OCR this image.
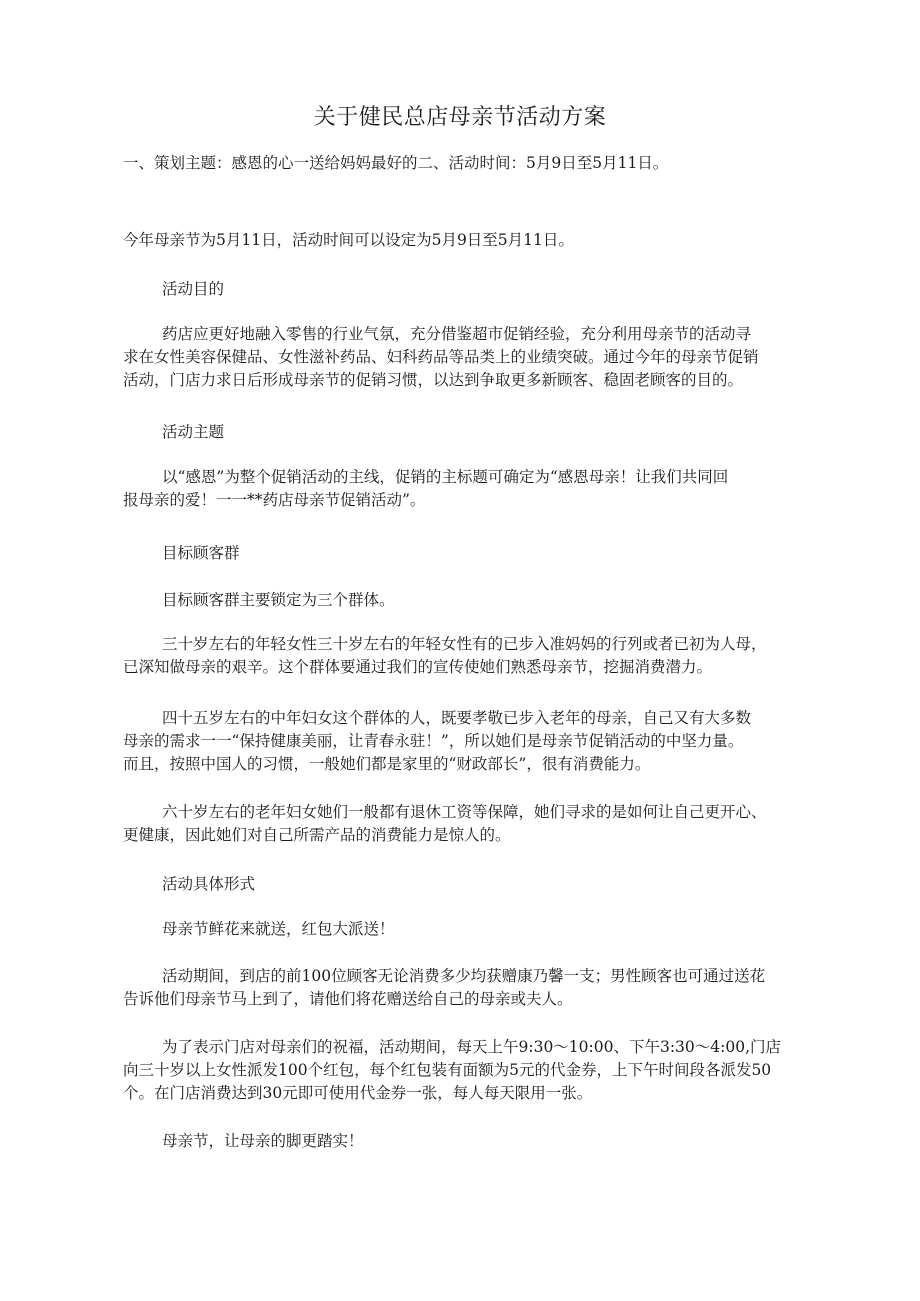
关于健民总店母亲节活动方案

一、策划主题：感恩的心一送给妈妈最好的二、活动时间：5月9日至5月11日。

今年母亲节为5月11日，活动时间可以设定为5月9日至5月11日。

活动目的

药店应更好地融入零售的行业气氛，充分借鉴超市促销经验，充分利用母亲节的活动寻
求在女性美容保健品、女性滋补药品、妇科药品等品类上的业绩突破。通过今年的母亲节促销
活动，门店力求日后形成母亲节的促销习惯，以达到争取更多新顾客、稳固老顾客的目的。

活动主题

以“感恩”为整个促销活动的主线，促销的主标题可确定为“感恩母亲！让我们共同回
报母亲的爱！一一**药店母亲节促销活动”。

目标顾客群

目标顾客群主要锁定为三个群体。

三十岁左右的年轻女性三十岁左右的年轻女性有的已步入准妈妈的行列或者已初为人母，
已深知做母亲的艰辛。这个群体要通过我们的宣传使她们熟悉母亲节，挖掘消费潜力。

四十五岁左右的中年妇女这个群体的人，既要孝敬已步入老年的母亲，自己又有大多数
母亲的需求一一“保持健康美丽，让青春永驻！”，所以她们是母亲节促销活动的中坚力量。
而且，按照中国人的习惯，一般她们都是家里的“财政部长”，很有消费能力。

六十岁左右的老年妇女她们一般都有退休工资等保障，她们寻求的是如何让自己更开心、
更健康，因此她们对自己所需产品的消费能力是惊人的。

活动具体形式

母亲节鲜花来就送，红包大派送！

活动期间，到店的前100位顾客无论消费多少均获赠康乃馨一支；男性顾客也可通过送花
告诉他们母亲节马上到了，请他们将花赠送给自己的母亲或夫人。

为了表示门店对母亲们的祝福，活动期间，每天上午9:30～10:00、下午3:30～4:00,门店
向三十岁以上女性派发100个红包，每个红包装有面额为5元的代金券，上下午时间段各派发50
个。在门店消费达到30元即可使用代金券一张，每人每天限用一张。

母亲节，让母亲的脚更踏实！
